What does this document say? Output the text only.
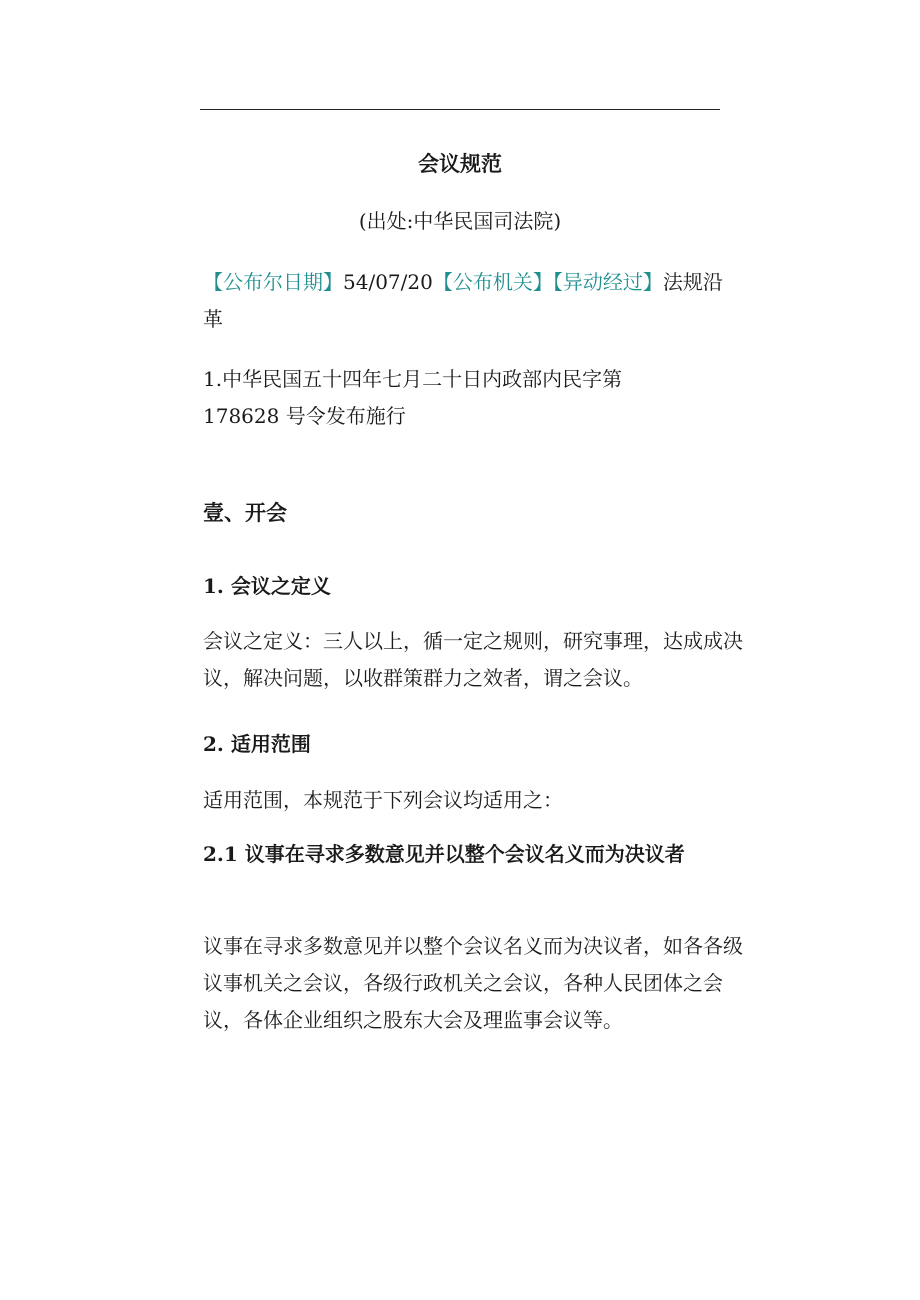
会议规范

(出处:中华民国司法院)

【公布尔日期】54/07/20【公布机关】【异动经过】法规沿革

1.中华民国五十四年七月二十日内政部内民字第
178628 号令发布施行

壹、开会
1. 会议之定义

会议之定义：三人以上，循一定之规则，研究事理，达成成决议，解决问题，以收群策群力之效者，谓之会议。

2. 适用范围

适用范围，本规范于下列会议均适用之：

2.1 议事在寻求多数意见并以整个会议名义而为决议者

议事在寻求多数意见并以整个会议名义而为决议者，如各各级议事机关之会议，各级行政机关之会议，各种人民团体之会议，各体企业组织之股东大会及理监事会议等。
